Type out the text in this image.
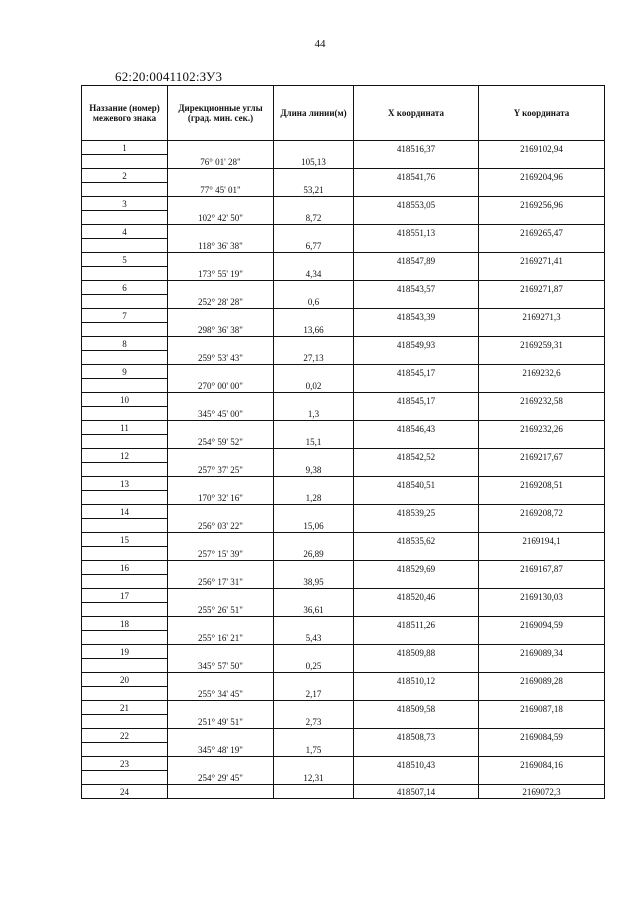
44
62:20:0041102:ЗУ3
Наззание (номер) межевого знака	Дирекционные углы (град. мин. сек.)	Длина линии(м)	X координата	Y координата
1			418516,37	2169102,94
	76° 01' 28"	105,13		
2			418541,76	2169204,96
	77° 45' 01"	53,21		
3			418553,05	2169256,96
	102° 42' 50"	8,72		
4			418551,13	2169265,47
	118° 36' 38"	6,77		
5			418547,89	2169271,41
	173° 55' 19"	4,34		
6			418543,57	2169271,87
	252° 28' 28"	0,6		
7			418543,39	2169271,3
	298° 36' 38"	13,66		
8			418549,93	2169259,31
	259° 53' 43"	27,13		
9			418545,17	2169232,6
	270° 00' 00"	0,02		
10			418545,17	2169232,58
	345° 45' 00"	1,3		
11			418546,43	2169232,26
	254° 59' 52"	15,1		
12			418542,52	2169217,67
	257° 37' 25"	9,38		
13			418540,51	2169208,51
	170° 32' 16"	1,28		
14			418539,25	2169208,72
	256° 03' 22"	15,06		
15			418535,62	2169194,1
	257° 15' 39"	26,89		
16			418529,69	2169167,87
	256° 17' 31"	38,95		
17			418520,46	2169130,03
	255° 26' 51"	36,61		
18			418511,26	2169094,59
	255° 16' 21"	5,43		
19			418509,88	2169089,34
	345° 57' 50"	0,25		
20			418510,12	2169089,28
	255° 34' 45"	2,17		
21			418509,58	2169087,18
	251° 49' 51"	2,73		
22			418508,73	2169084,59
	345° 48' 19"	1,75		
23			418510,43	2169084,16
	254° 29' 45"	12,31		
24			418507,14	2169072,3
